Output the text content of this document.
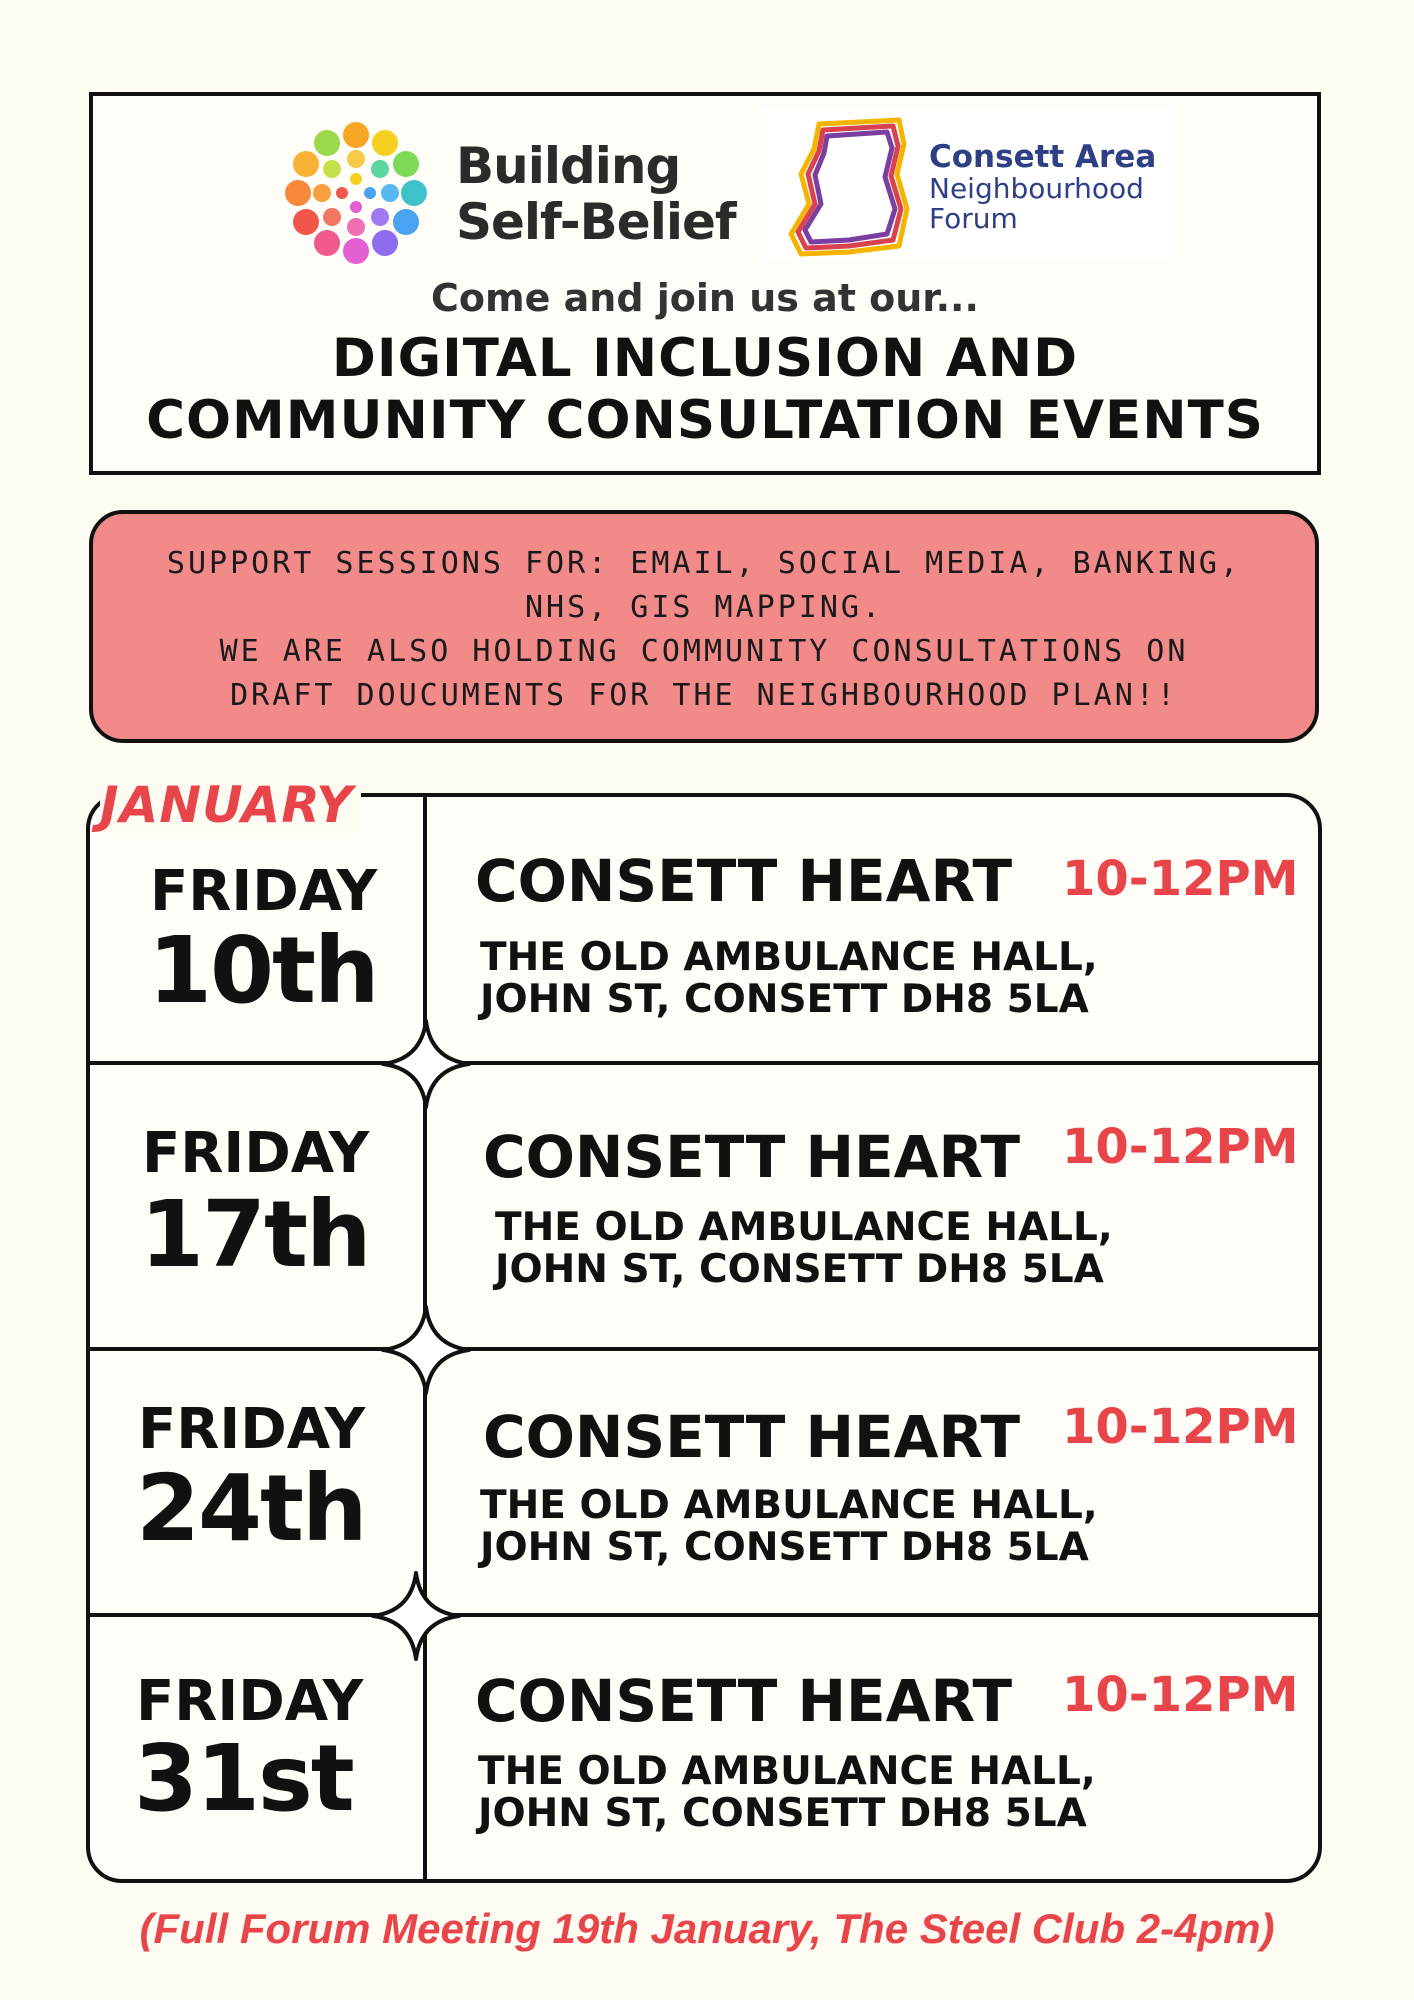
Building
Self-Belief
Consett Area
Neighbourhood
Forum
Come and join us at our...
DIGITAL INCLUSION AND
COMMUNITY CONSULTATION EVENTS
SUPPORT SESSIONS FOR: EMAIL, SOCIAL MEDIA, BANKING,
NHS, GIS MAPPING.
WE ARE ALSO HOLDING COMMUNITY CONSULTATIONS ON
DRAFT DOUCUMENTS FOR THE NEIGHBOURHOOD PLAN!!
JANUARY
FRIDAY
10th
CONSETT HEART 10-12PM
THE OLD AMBULANCE HALL,
JOHN ST, CONSETT DH8 5LA
FRIDAY
17th
CONSETT HEART 10-12PM
THE OLD AMBULANCE HALL,
JOHN ST, CONSETT DH8 5LA
FRIDAY
24th
CONSETT HEART 10-12PM
THE OLD AMBULANCE HALL,
JOHN ST, CONSETT DH8 5LA
FRIDAY
31st
CONSETT HEART 10-12PM
THE OLD AMBULANCE HALL,
JOHN ST, CONSETT DH8 5LA
(Full Forum Meeting 19th January, The Steel Club 2-4pm)
